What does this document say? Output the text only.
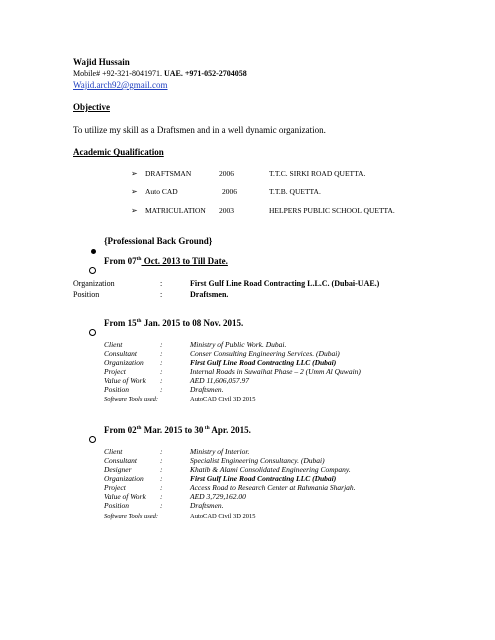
Wajid Hussain
Mobile# +92-321-8041971. UAE. +971-052-2704058
Wajid.arch92@gmail.com
Objective
To utilize my skill as a Draftsmen and in a well dynamic organization.
Academic Qualification
➢ DRAFTSMAN	2006	T.T.C. SIRKI ROAD QUETTA.
➢ Auto CAD	2006	T.T.B. QUETTA.
➢ MATRICULATION 2003	HELPERS PUBLIC SCHOOL QUETTA.
{Professional Back Ground}
From 07th Oct. 2013 to Till Date.
Organization	:	First Gulf Line Road Contracting L.L.C. (Dubai-UAE.)
Position	:	Draftsmen.
From 15th Jan. 2015 to 08 Nov. 2015.
Client	:	Ministry of Public Work. Dubai.
Consultant	:	Conser Consulting Engineering Services. (Dubai)
Organization :	First Gulf Line Road Contracting LLC (Dubai)
Project	:	Internal Roads in Suwaihat Phase – 2 (Umm Al Quwain)
Value of Work :	AED 11,606,057.97
Position	:	Draftsmen.
Software Tools used:	AutoCAD Civil 3D 2015
From 02th Mar. 2015 to 30 $^{th}$ Apr. 2015.
Client	:	Ministry of Interior.
Consultant	:	Specialist Engineering Consultancy. (Dubai)
Designer	:	Khatib & Alami Consolidated Engineering Company.
Organization :	First Gulf Line Road Contracting LLC (Dubai)
Project	:	Access Road to Research Center at Rahmania Sharjah.
Value of Work :	AED 3,729,162.00
Position	:	Draftsmen.
Software Tools used:	AutoCAD Civil 3D 2015
